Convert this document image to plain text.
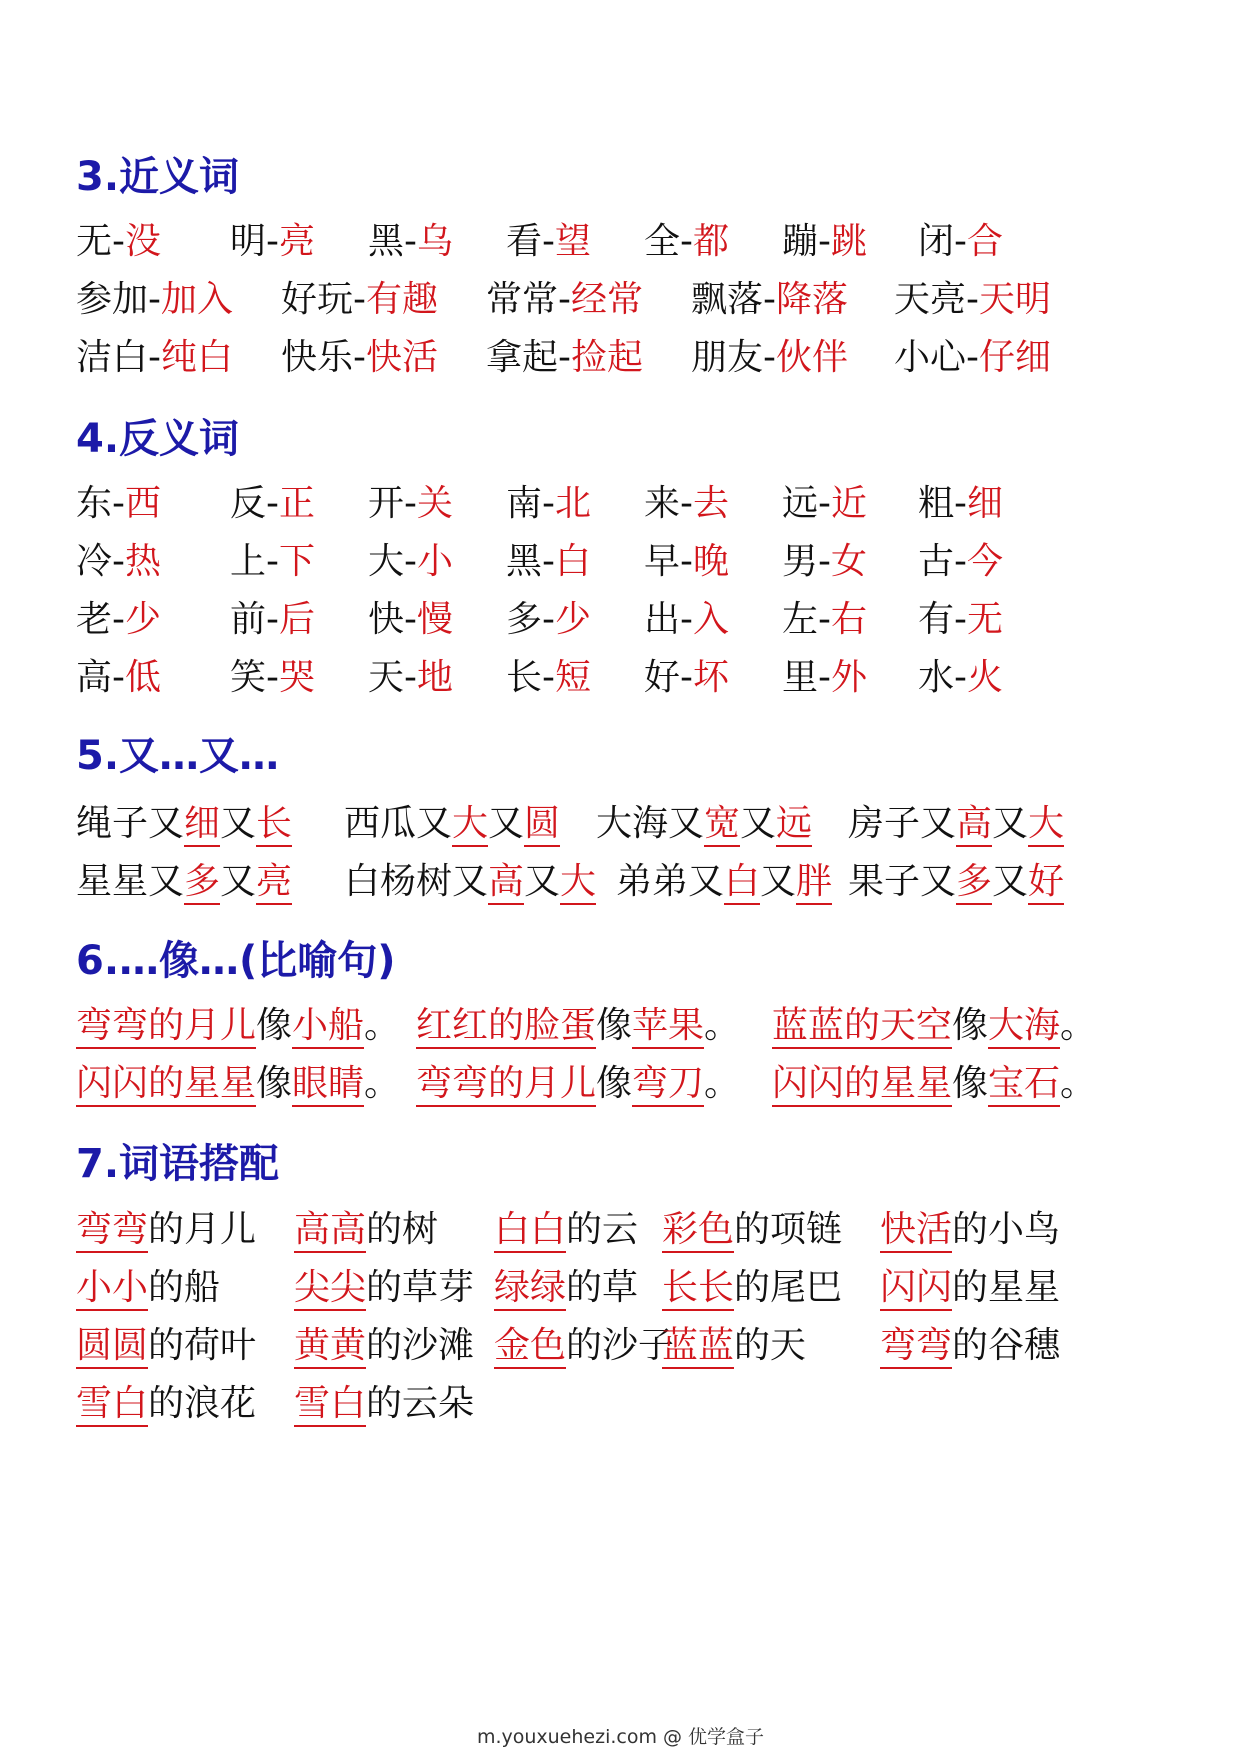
3.近义词
无-没 明-亮 黑-乌 看-望 全-都 蹦-跳 闭-合
参加-加入 好玩-有趣 常常-经常 飘落-降落 天亮-天明
洁白-纯白 快乐-快活 拿起-捡起 朋友-伙伴 小心-仔细
4.反义词
东-西 反-正 开-关 南-北 来-去 远-近 粗-细
冷-热 上-下 大-小 黑-白 早-晚 男-女 古-今
老-少 前-后 快-慢 多-少 出-入 左-右 有-无
高-低 笑-哭 天-地 长-短 好-坏 里-外 水-火
5.又…又…
绳子又细又长 西瓜又大又圆 大海又宽又远 房子又高又大
星星又多又亮 白杨树又高又大 弟弟又白又胖 果子又多又好
6.…像…(比喻句)
弯弯的月儿像小船。 红红的脸蛋像苹果。 蓝蓝的天空像大海。
闪闪的星星像眼睛。 弯弯的月儿像弯刀。 闪闪的星星像宝石。
7.词语搭配
弯弯的月儿 高高的树 白白的云 彩色的项链 快活的小鸟
小小的船 尖尖的草芽 绿绿的草 长长的尾巴 闪闪的星星
圆圆的荷叶 黄黄的沙滩 金色的沙子
蓝蓝的天 弯弯的谷穗
雪白的浪花 雪白的云朵
m.youxuehezi.com @ 优学盒子
